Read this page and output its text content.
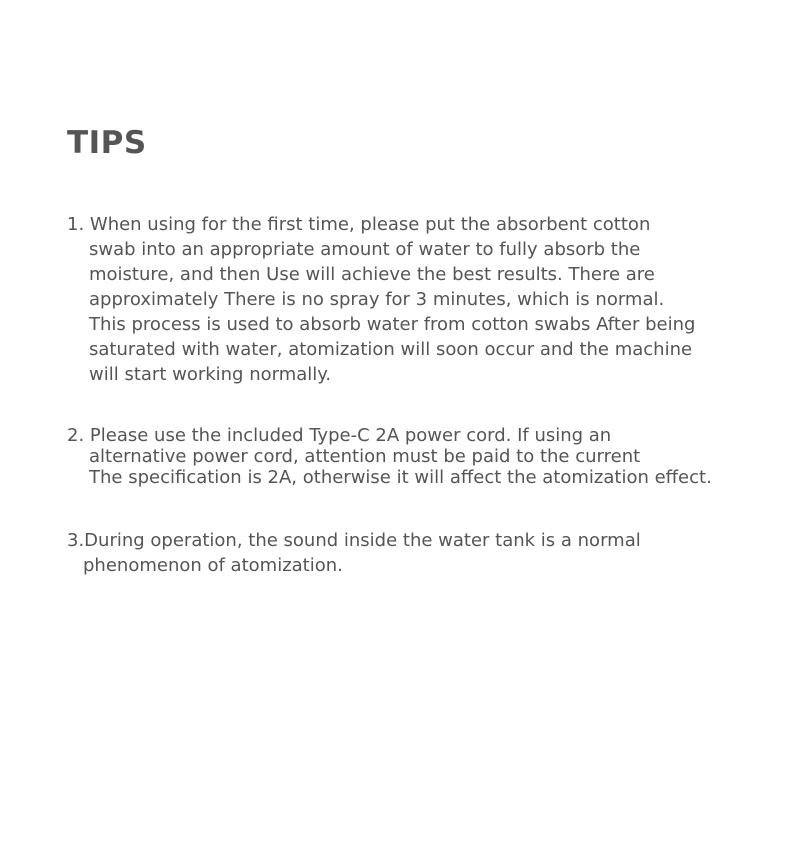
TIPS
1. When using for the first time, please put the absorbent cotton
swab into an appropriate amount of water to fully absorb the
moisture, and then Use will achieve the best results. There are
approximately There is no spray for 3 minutes, which is normal.
This process is used to absorb water from cotton swabs After being
saturated with water, atomization will soon occur and the machine
will start working normally.
2. Please use the included Type-C 2A power cord. If using an
alternative power cord, attention must be paid to the current
The specification is 2A, otherwise it will affect the atomization effect.
3.During operation, the sound inside the water tank is a normal
phenomenon of atomization.
